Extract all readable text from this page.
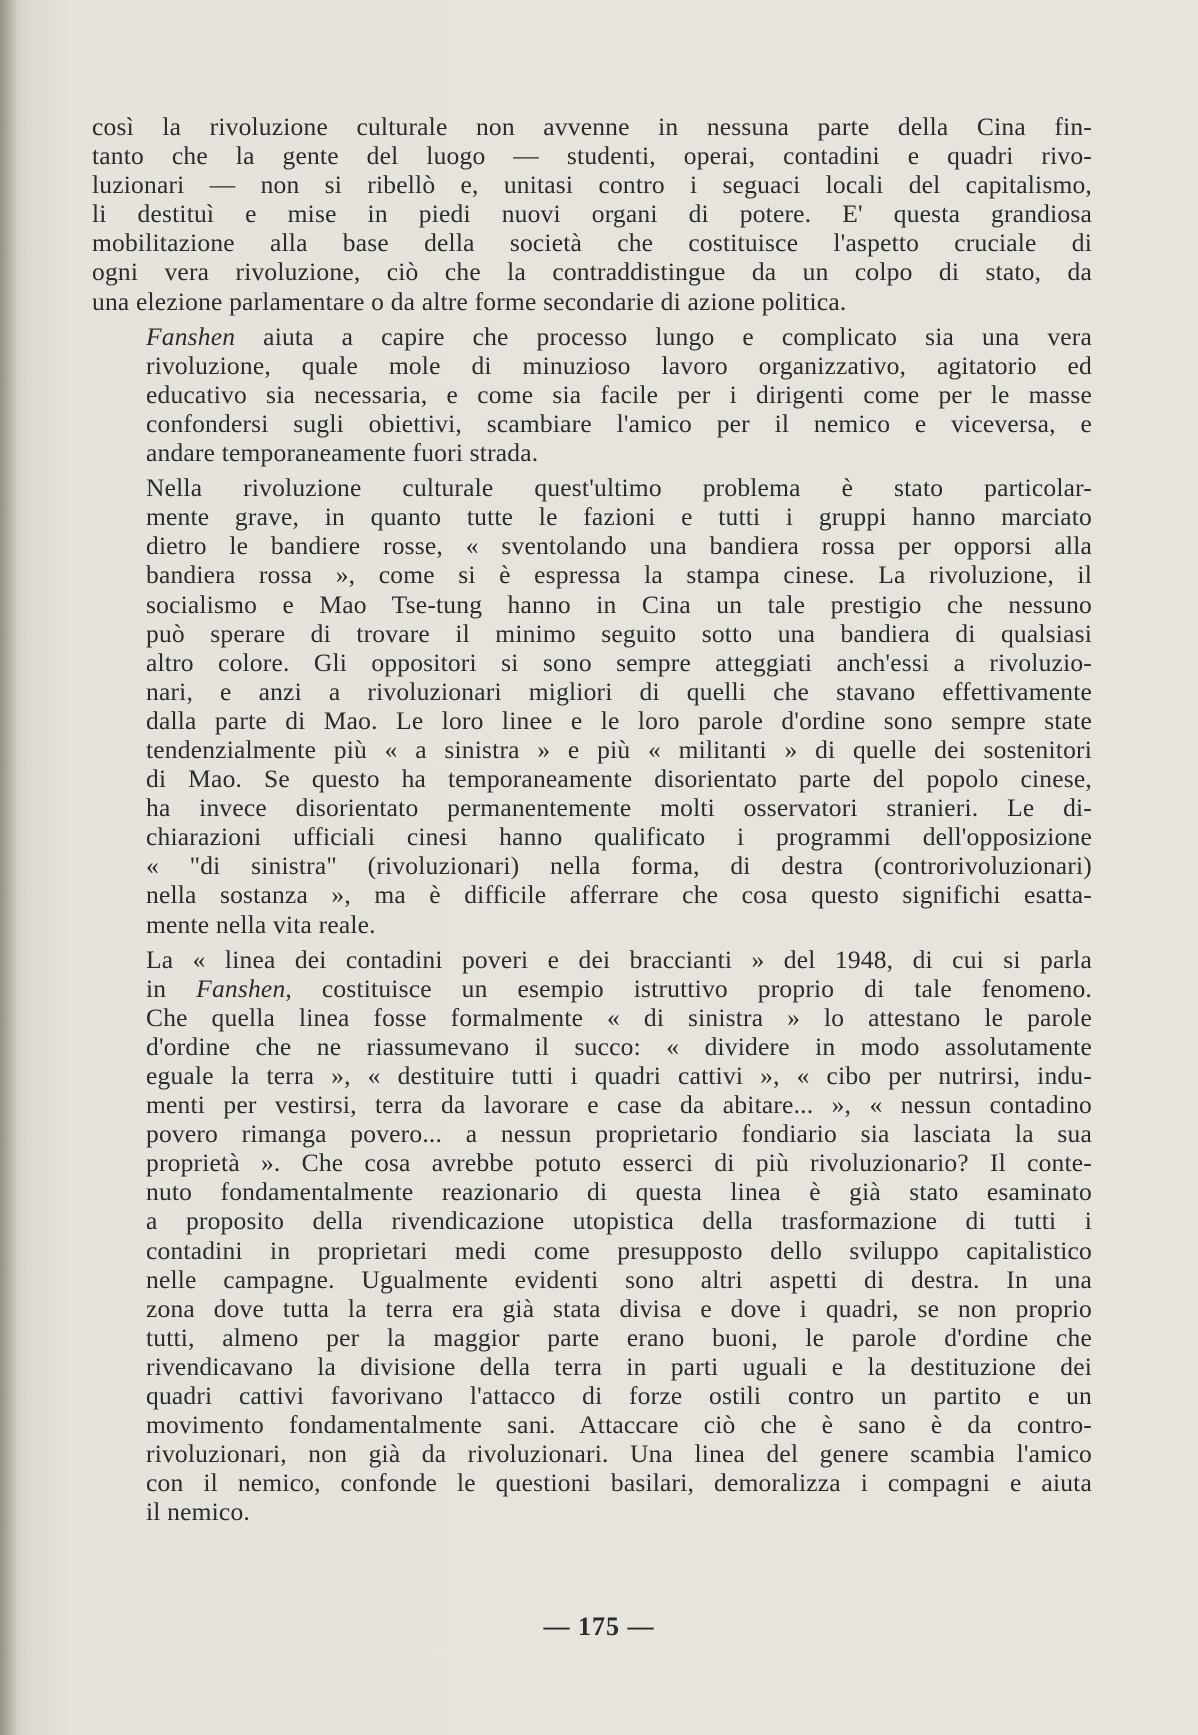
così la rivoluzione culturale non avvenne in nessuna parte della Cina fin-
tanto che la gente del luogo — studenti, operai, contadini e quadri rivo-
luzionari — non si ribellò e, unitasi contro i seguaci locali del capitalismo,
li destituì e mise in piedi nuovi organi di potere. E' questa grandiosa
mobilitazione alla base della società che costituisce l'aspetto cruciale di
ogni vera rivoluzione, ciò che la contraddistingue da un colpo di stato, da
una elezione parlamentare o da altre forme secondarie di azione politica.

Fanshen aiuta a capire che processo lungo e complicato sia una vera
rivoluzione, quale mole di minuzioso lavoro organizzativo, agitatorio ed
educativo sia necessaria, e come sia facile per i dirigenti come per le masse
confondersi sugli obiettivi, scambiare l'amico per il nemico e viceversa, e
andare temporaneamente fuori strada.

Nella rivoluzione culturale quest'ultimo problema è stato particolar-
mente grave, in quanto tutte le fazioni e tutti i gruppi hanno marciato
dietro le bandiere rosse, « sventolando una bandiera rossa per opporsi alla
bandiera rossa », come si è espressa la stampa cinese. La rivoluzione, il
socialismo e Mao Tse-tung hanno in Cina un tale prestigio che nessuno
può sperare di trovare il minimo seguito sotto una bandiera di qualsiasi
altro colore. Gli oppositori si sono sempre atteggiati anch'essi a rivoluzio-
nari, e anzi a rivoluzionari migliori di quelli che stavano effettivamente
dalla parte di Mao. Le loro linee e le loro parole d'ordine sono sempre state
tendenzialmente più « a sinistra » e più « militanti » di quelle dei sostenitori
di Mao. Se questo ha temporaneamente disorientato parte del popolo cinese,
ha invece disorientato permanentemente molti osservatori stranieri. Le di-
chiarazioni ufficiali cinesi hanno qualificato i programmi dell'opposizione
« "di sinistra" (rivoluzionari) nella forma, di destra (controrivoluzionari)
nella sostanza », ma è difficile afferrare che cosa questo significhi esatta-
mente nella vita reale.

La « linea dei contadini poveri e dei braccianti » del 1948, di cui si parla
in Fanshen, costituisce un esempio istruttivo proprio di tale fenomeno.
Che quella linea fosse formalmente « di sinistra » lo attestano le parole
d'ordine che ne riassumevano il succo: « dividere in modo assolutamente
eguale la terra », « destituire tutti i quadri cattivi », « cibo per nutrirsi, indu-
menti per vestirsi, terra da lavorare e case da abitare... », « nessun contadino
povero rimanga povero... a nessun proprietario fondiario sia lasciata la sua
proprietà ». Che cosa avrebbe potuto esserci di più rivoluzionario? Il conte-
nuto fondamentalmente reazionario di questa linea è già stato esaminato
a proposito della rivendicazione utopistica della trasformazione di tutti i
contadini in proprietari medi come presupposto dello sviluppo capitalistico
nelle campagne. Ugualmente evidenti sono altri aspetti di destra. In una
zona dove tutta la terra era già stata divisa e dove i quadri, se non proprio
tutti, almeno per la maggior parte erano buoni, le parole d'ordine che
rivendicavano la divisione della terra in parti uguali e la destituzione dei
quadri cattivi favorivano l'attacco di forze ostili contro un partito e un
movimento fondamentalmente sani. Attaccare ciò che è sano è da contro-
rivoluzionari, non già da rivoluzionari. Una linea del genere scambia l'amico
con il nemico, confonde le questioni basilari, demoralizza i compagni e aiuta
il nemico.

— 175 —
